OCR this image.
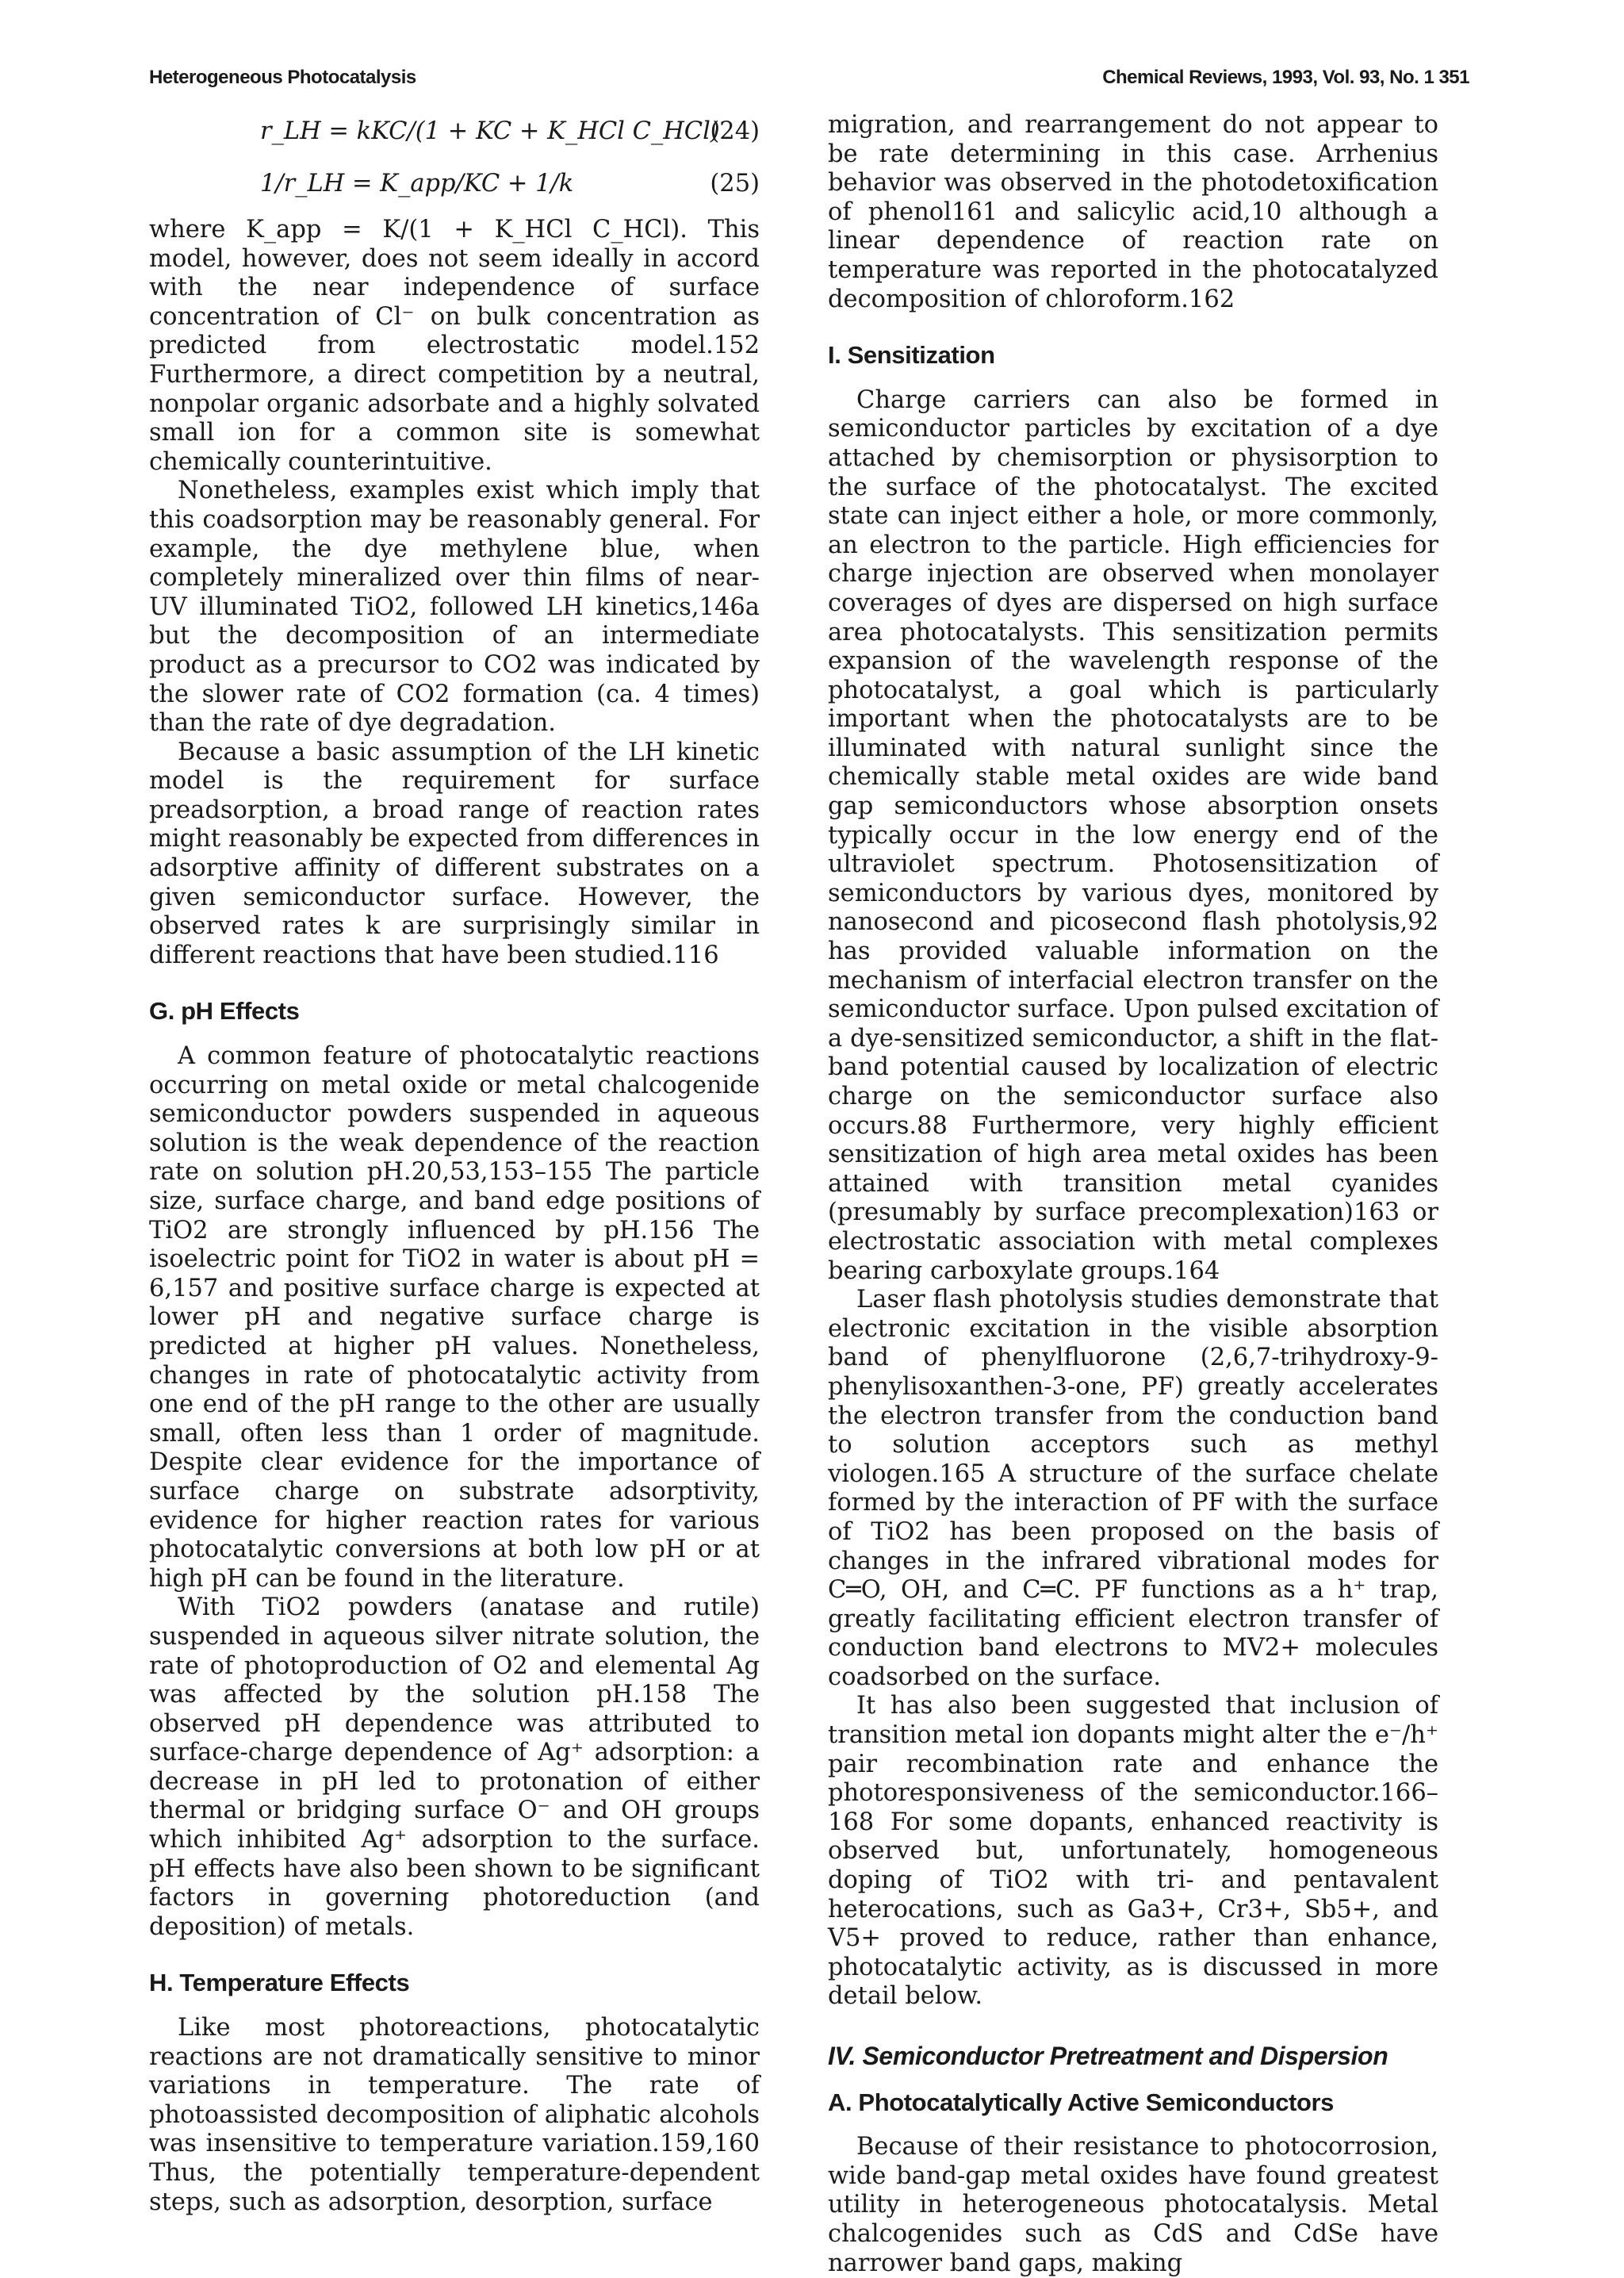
Heterogeneous Photocatalysis	Chemical Reviews, 1993, Vol. 93, No. 1 351
r_LH = kKC/(1 + KC + K_HCl C_HCl)
(24)
1/r_LH = K_app/KC + 1/k	(25)

where K_app = K/(1 + K_HCl C_HCl). This model, however, does not seem ideally in accord with the near independence of surface concentration of Cl⁻ on bulk concentration as predicted from electrostatic model.152 Furthermore, a direct competition by a neutral, nonpolar organic adsorbate and a highly solvated small ion for a common site is somewhat chemically counterintuitive.

Nonetheless, examples exist which imply that this coadsorption may be reasonably general. For example, the dye methylene blue, when completely mineralized over thin films of near-UV illuminated TiO2, followed LH kinetics,146a but the decomposition of an intermediate product as a precursor to CO2 was indicated by the slower rate of CO2 formation (ca. 4 times) than the rate of dye degradation.

Because a basic assumption of the LH kinetic model is the requirement for surface preadsorption, a broad range of reaction rates might reasonably be expected from differences in adsorptive affinity of different substrates on a given semiconductor surface. However, the observed rates k are surprisingly similar in different reactions that have been studied.116

G. pH Effects

A common feature of photocatalytic reactions occurring on metal oxide or metal chalcogenide semiconductor powders suspended in aqueous solution is the weak dependence of the reaction rate on solution pH.20,53,153–155 The particle size, surface charge, and band edge positions of TiO2 are strongly influenced by pH.156 The isoelectric point for TiO2 in water is about pH = 6,157 and positive surface charge is expected at lower pH and negative surface charge is predicted at higher pH values. Nonetheless, changes in rate of photocatalytic activity from one end of the pH range to the other are usually small, often less than 1 order of magnitude. Despite clear evidence for the importance of surface charge on substrate adsorptivity, evidence for higher reaction rates for various photocatalytic conversions at both low pH or at high pH can be found in the literature.

With TiO2 powders (anatase and rutile) suspended in aqueous silver nitrate solution, the rate of photoproduction of O2 and elemental Ag was affected by the solution pH.158 The observed pH dependence was attributed to surface-charge dependence of Ag⁺ adsorption: a decrease in pH led to protonation of either thermal or bridging surface O⁻ and OH groups which inhibited Ag⁺ adsorption to the surface. pH effects have also been shown to be significant factors in governing photoreduction (and deposition) of metals.

H. Temperature Effects

Like most photoreactions, photocatalytic reactions are not dramatically sensitive to minor variations in temperature. The rate of photoassisted decomposition of aliphatic alcohols was insensitive to temperature variation.159,160 Thus, the potentially temperature-dependent steps, such as adsorption, desorption, surface

migration, and rearrangement do not appear to be rate determining in this case. Arrhenius behavior was observed in the photodetoxification of phenol161 and salicylic acid,10 although a linear dependence of reaction rate on temperature was reported in the photocatalyzed decomposition of chloroform.162

I. Sensitization

Charge carriers can also be formed in semiconductor particles by excitation of a dye attached by chemisorption or physisorption to the surface of the photocatalyst. The excited state can inject either a hole, or more commonly, an electron to the particle. High efficiencies for charge injection are observed when monolayer coverages of dyes are dispersed on high surface area photocatalysts. This sensitization permits expansion of the wavelength response of the photocatalyst, a goal which is particularly important when the photocatalysts are to be illuminated with natural sunlight since the chemically stable metal oxides are wide band gap semiconductors whose absorption onsets typically occur in the low energy end of the ultraviolet spectrum. Photosensitization of semiconductors by various dyes, monitored by nanosecond and picosecond flash photolysis,92 has provided valuable information on the mechanism of interfacial electron transfer on the semiconductor surface. Upon pulsed excitation of a dye-sensitized semiconductor, a shift in the flat-band potential caused by localization of electric charge on the semiconductor surface also occurs.88 Furthermore, very highly efficient sensitization of high area metal oxides has been attained with transition metal cyanides (presumably by surface precomplexation)163 or electrostatic association with metal complexes bearing carboxylate groups.164

Laser flash photolysis studies demonstrate that electronic excitation in the visible absorption band of phenylfluorone (2,6,7-trihydroxy-9-phenylisoxanthen-3-one, PF) greatly accelerates the electron transfer from the conduction band to solution acceptors such as methyl viologen.165 A structure of the surface chelate formed by the interaction of PF with the surface of TiO2 has been proposed on the basis of changes in the infrared vibrational modes for C═O, OH, and C═C. PF functions as a h⁺ trap, greatly facilitating efficient electron transfer of conduction band electrons to MV2+ molecules coadsorbed on the surface.

It has also been suggested that inclusion of transition metal ion dopants might alter the e⁻/h⁺ pair recombination rate and enhance the photoresponsiveness of the semiconductor.166–168 For some dopants, enhanced reactivity is observed but, unfortunately, homogeneous doping of TiO2 with tri- and pentavalent heterocations, such as Ga3+, Cr3+, Sb5+, and V5+ proved to reduce, rather than enhance, photocatalytic activity, as is discussed in more detail below.

IV. Semiconductor Pretreatment and Dispersion
A. Photocatalytically Active Semiconductors

Because of their resistance to photocorrosion, wide band-gap metal oxides have found greatest utility in heterogeneous photocatalysis. Metal chalcogenides such as CdS and CdSe have narrower band gaps, making
